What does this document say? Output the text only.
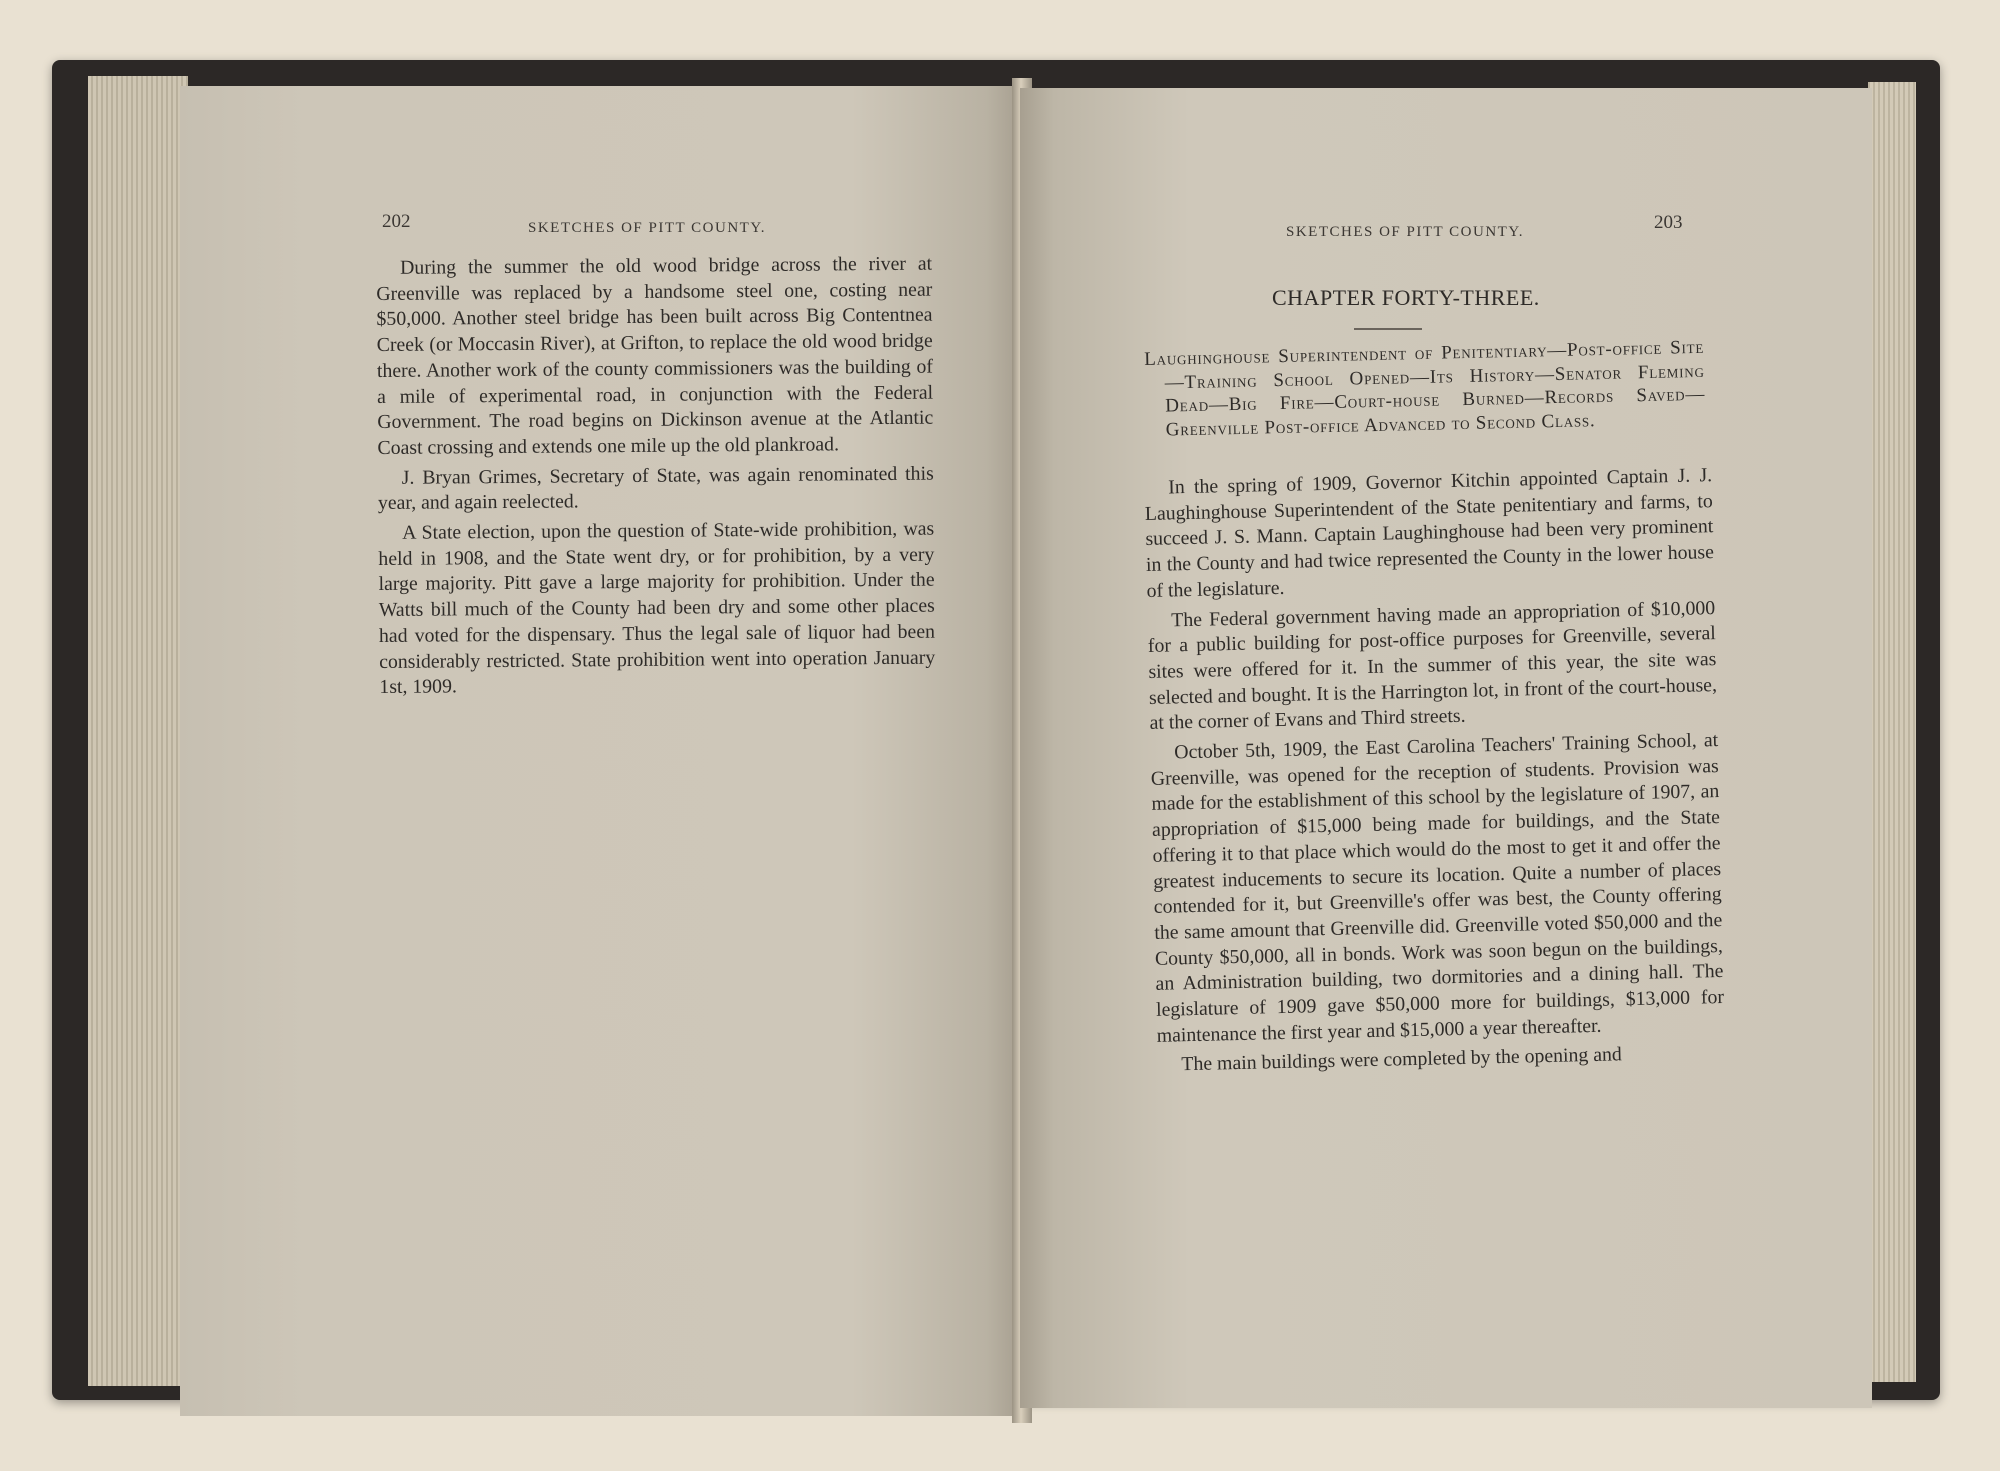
202	SKETCHES OF PITT COUNTY.

During the summer the old wood bridge across the river at Greenville was replaced by a handsome steel one, costing near $50,000. Another steel bridge has been built across Big Contentnea Creek (or Moccasin River), at Grifton, to replace the old wood bridge there. Another work of the county commissioners was the building of a mile of experimental road, in conjunction with the Federal Government. The road begins on Dickinson avenue at the Atlantic Coast crossing and extends one mile up the old plankroad.

J. Bryan Grimes, Secretary of State, was again renominated this year, and again reelected.

A State election, upon the question of State-wide prohibition, was held in 1908, and the State went dry, or for prohibition, by a very large majority. Pitt gave a large majority for prohibition. Under the Watts bill much of the County had been dry and some other places had voted for the dispensary. Thus the legal sale of liquor had been considerably restricted. State prohibition went into operation January 1st, 1909.

SKETCHES OF PITT COUNTY.	203
CHAPTER FORTY-THREE.
Laughinghouse Superintendent of Penitentiary—Post-office Site—Training School Opened—Its History—Senator Fleming Dead—Big Fire—Court-house Burned—Records Saved—Greenville Post-office Advanced to Second Class.

In the spring of 1909, Governor Kitchin appointed Captain J. J. Laughinghouse Superintendent of the State penitentiary and farms, to succeed J. S. Mann. Captain Laughinghouse had been very prominent in the County and had twice represented the County in the lower house of the legislature.

The Federal government having made an appropriation of $10,000 for a public building for post-office purposes for Greenville, several sites were offered for it. In the summer of this year, the site was selected and bought. It is the Harrington lot, in front of the court-house, at the corner of Evans and Third streets.

October 5th, 1909, the East Carolina Teachers' Training School, at Greenville, was opened for the reception of students. Provision was made for the establishment of this school by the legislature of 1907, an appropriation of $15,000 being made for buildings, and the State offering it to that place which would do the most to get it and offer the greatest inducements to secure its location. Quite a number of places contended for it, but Greenville's offer was best, the County offering the same amount that Greenville did. Greenville voted $50,000 and the County $50,000, all in bonds. Work was soon begun on the buildings, an Administration building, two dormitories and a dining hall. The legislature of 1909 gave $50,000 more for buildings, $13,000 for maintenance the first year and $15,000 a year thereafter.

The main buildings were completed by the opening and
